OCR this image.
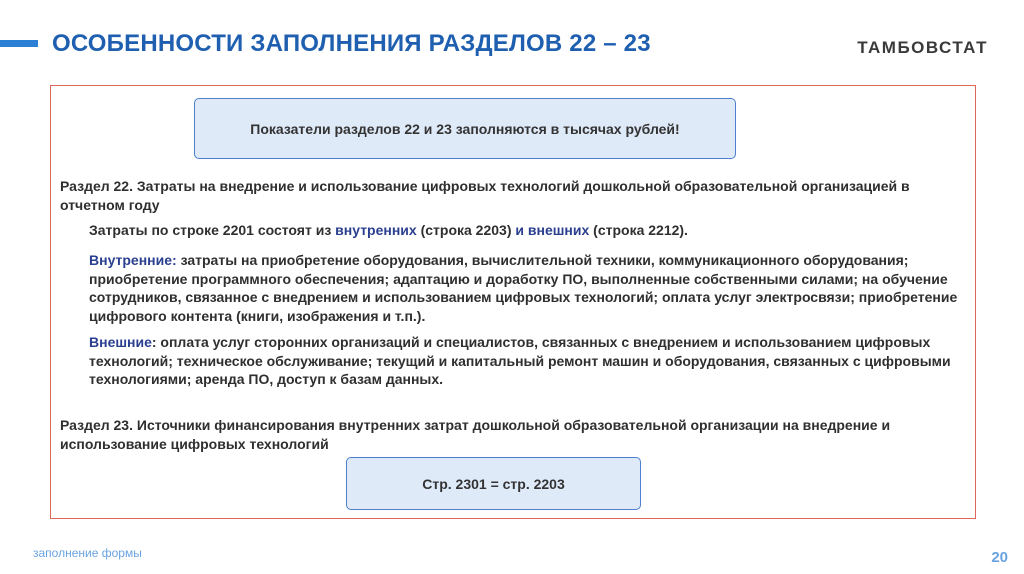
ОСОБЕННОСТИ ЗАПОЛНЕНИЯ РАЗДЕЛОВ 22 – 23	ТАМБОВСТАТ
Показатели разделов 22 и 23 заполняются в тысячах рублей!

Раздел 22. Затраты на внедрение и использование цифровых технологий дошкольной образовательной организацией в отчетном году

Затраты по строке 2201 состоят из внутренних (строка 2203) и внешних (строка 2212).

Внутренние: затраты на приобретение оборудования, вычислительной техники, коммуникационного оборудования; приобретение программного обеспечения; адаптацию и доработку ПО, выполненные собственными силами; на обучение сотрудников, связанное с внедрением и использованием цифровых технологий; оплата услуг электросвязи; приобретение цифрового контента (книги, изображения и т.п.).

Внешние: оплата услуг сторонних организаций и специалистов, связанных с внедрением и использованием цифровых технологий; техническое обслуживание; текущий и капитальный ремонт машин и оборудования, связанных с цифровыми технологиями; аренда ПО, доступ к базам данных.

Раздел 23. Источники финансирования внутренних затрат дошкольной образовательной организации на внедрение и использование цифровых технологий

Стр. 2301 = стр. 2203
заполнение формы	20
